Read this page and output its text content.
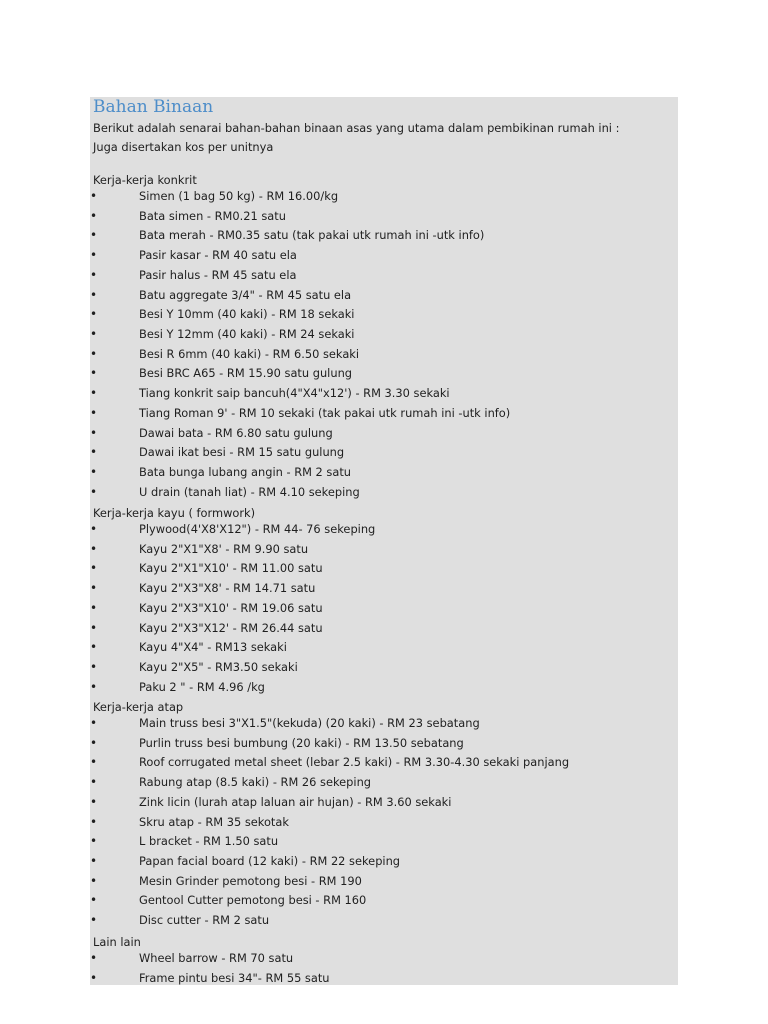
Bahan Binaan

Berikut adalah senarai bahan-bahan binaan asas yang utama dalam pembikinan rumah ini :
Juga disertakan kos per unitnya

Kerja-kerja konkrit
•	Simen (1 bag 50 kg) - RM 16.00/kg
•	Bata simen - RM0.21 satu
•	Bata merah - RM0.35 satu (tak pakai utk rumah ini -utk info)
•	Pasir kasar - RM 40 satu ela
•	Pasir halus - RM 45 satu ela
•	Batu aggregate 3/4" - RM 45 satu ela
•	Besi Y 10mm (40 kaki) - RM 18 sekaki
•	Besi Y 12mm (40 kaki) - RM 24 sekaki
•	Besi R 6mm (40 kaki) - RM 6.50 sekaki
•	Besi BRC A65 - RM 15.90 satu gulung
•	Tiang konkrit saip bancuh(4"X4"x12') - RM 3.30 sekaki
•	Tiang Roman 9' - RM 10 sekaki (tak pakai utk rumah ini -utk info)
•	Dawai bata - RM 6.80 satu gulung
•	Dawai ikat besi - RM 15 satu gulung
•	Bata bunga lubang angin - RM 2 satu
•	U drain (tanah liat) - RM 4.10 sekeping
Kerja-kerja kayu ( formwork)
•	Plywood(4'X8'X12") - RM 44- 76 sekeping
•	Kayu 2"X1"X8' - RM 9.90 satu
•	Kayu 2"X1"X10' - RM 11.00 satu
•	Kayu 2"X3"X8' - RM 14.71 satu
•	Kayu 2"X3"X10' - RM 19.06 satu
•	Kayu 2"X3"X12' - RM 26.44 satu
•	Kayu 4"X4" - RM13 sekaki
•	Kayu 2"X5" - RM3.50 sekaki
•	Paku 2 " - RM 4.96 /kg
Kerja-kerja atap
•	Main truss besi 3"X1.5"(kekuda) (20 kaki) - RM 23 sebatang
•	Purlin truss besi bumbung (20 kaki) - RM 13.50 sebatang
•	Roof corrugated metal sheet (lebar 2.5 kaki) - RM 3.30-4.30 sekaki panjang
•	Rabung atap (8.5 kaki) - RM 26 sekeping
•	Zink licin (lurah atap laluan air hujan) - RM 3.60 sekaki
•	Skru atap - RM 35 sekotak
•	L bracket - RM 1.50 satu
•	Papan facial board (12 kaki) - RM 22 sekeping
•	Mesin Grinder pemotong besi - RM 190
•	Gentool Cutter pemotong besi - RM 160
•	Disc cutter - RM 2 satu
Lain lain
•	Wheel barrow - RM 70 satu
•	Frame pintu besi 34"- RM 55 satu
